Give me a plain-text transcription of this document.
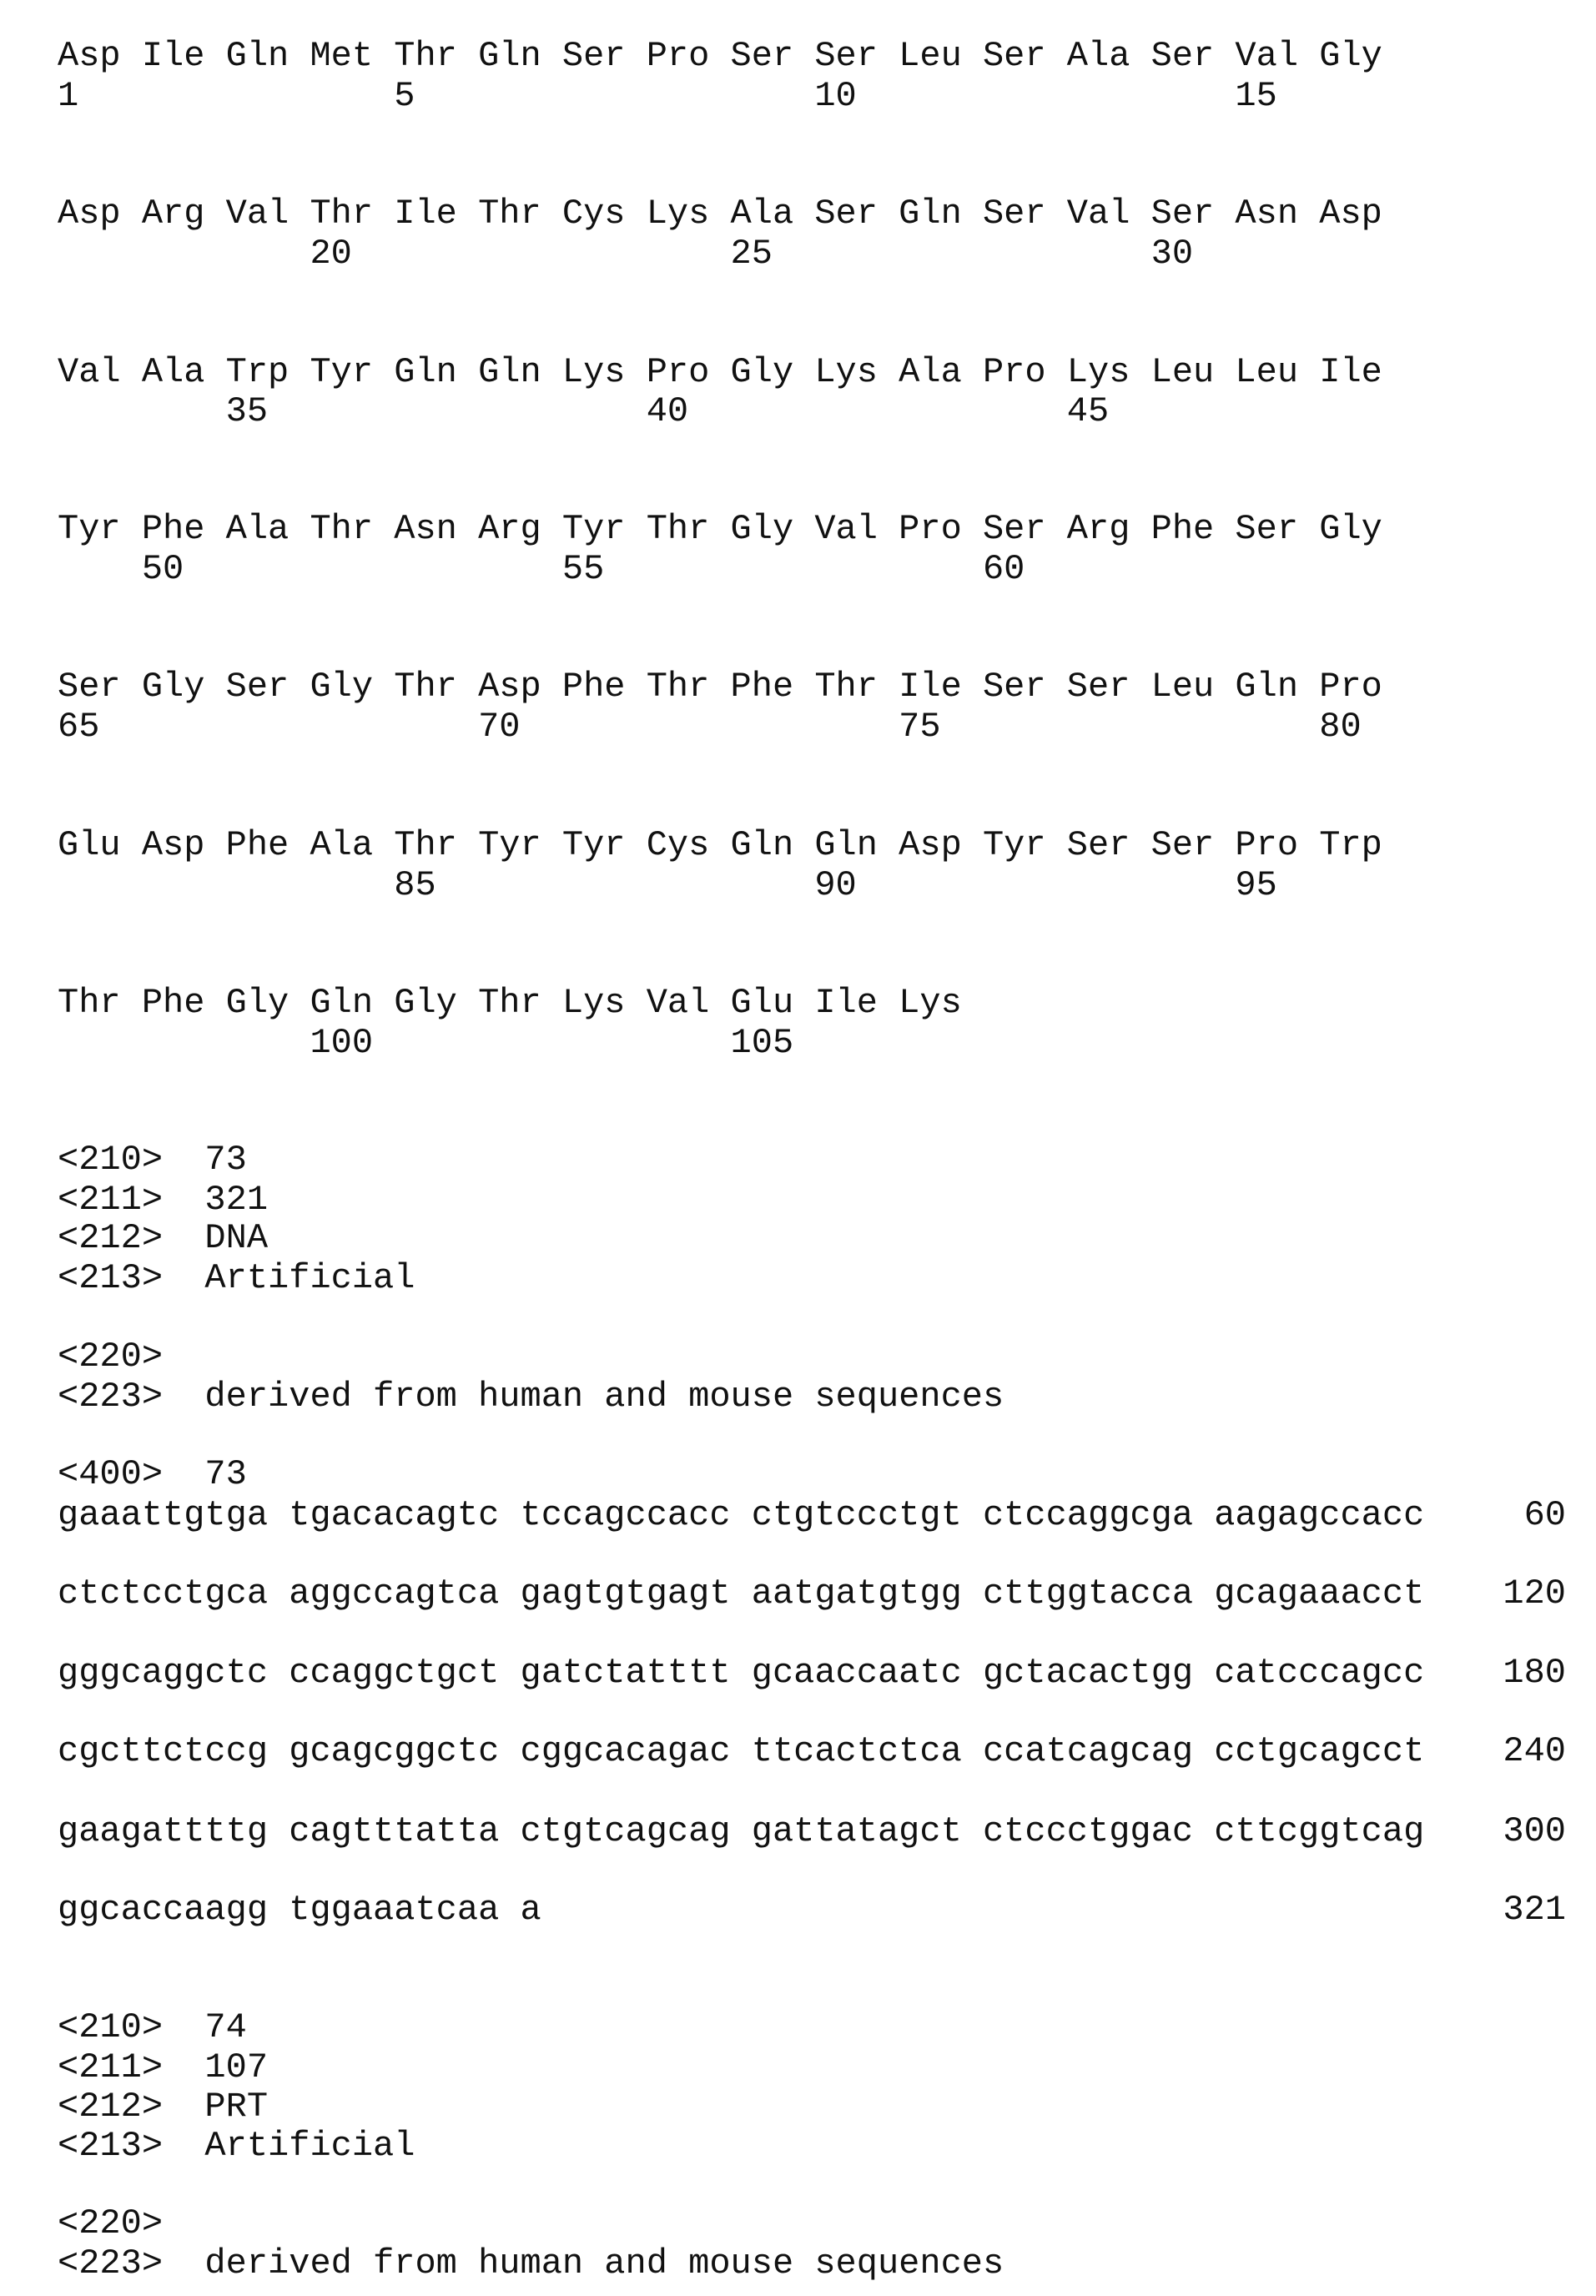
Asp Ile Gln Met Thr Gln Ser Pro Ser Ser Leu Ser Ala Ser Val Gly
1               5                   10                  15
Asp Arg Val Thr Ile Thr Cys Lys Ala Ser Gln Ser Val Ser Asn Asp
20                  25                  30
Val Ala Trp Tyr Gln Gln Lys Pro Gly Lys Ala Pro Lys Leu Leu Ile
35                  40                  45
Tyr Phe Ala Thr Asn Arg Tyr Thr Gly Val Pro Ser Arg Phe Ser Gly
50                  55                  60
Ser Gly Ser Gly Thr Asp Phe Thr Phe Thr Ile Ser Ser Leu Gln Pro
65                  70                  75                  80
Glu Asp Phe Ala Thr Tyr Tyr Cys Gln Gln Asp Tyr Ser Ser Pro Trp
85                  90                  95
Thr Phe Gly Gln Gly Thr Lys Val Glu Ile Lys
100                 105
<210>  73
<211>  321
<212>  DNA
<213>  Artificial
<220>
<223>  derived from human and mouse sequences
<400>  73
gaaattgtga tgacacagtc tccagccacc ctgtccctgt ctccaggcga aagagccacc	60
ctctcctgca aggccagtca gagtgtgagt aatgatgtgg cttggtacca gcagaaacct 120
gggcaggctc ccaggctgct gatctatttt gcaaccaatc gctacactgg catcccagcc 180
cgcttctccg gcagcggctc cggcacagac ttcactctca ccatcagcag cctgcagcct 240
gaagattttg cagtttatta ctgtcagcag gattatagct ctccctggac cttcggtcag 300
ggcaccaagg tggaaatcaa a	321
<210>  74
<211>  107
<212>  PRT
<213>  Artificial
<220>
<223>  derived from human and mouse sequences
